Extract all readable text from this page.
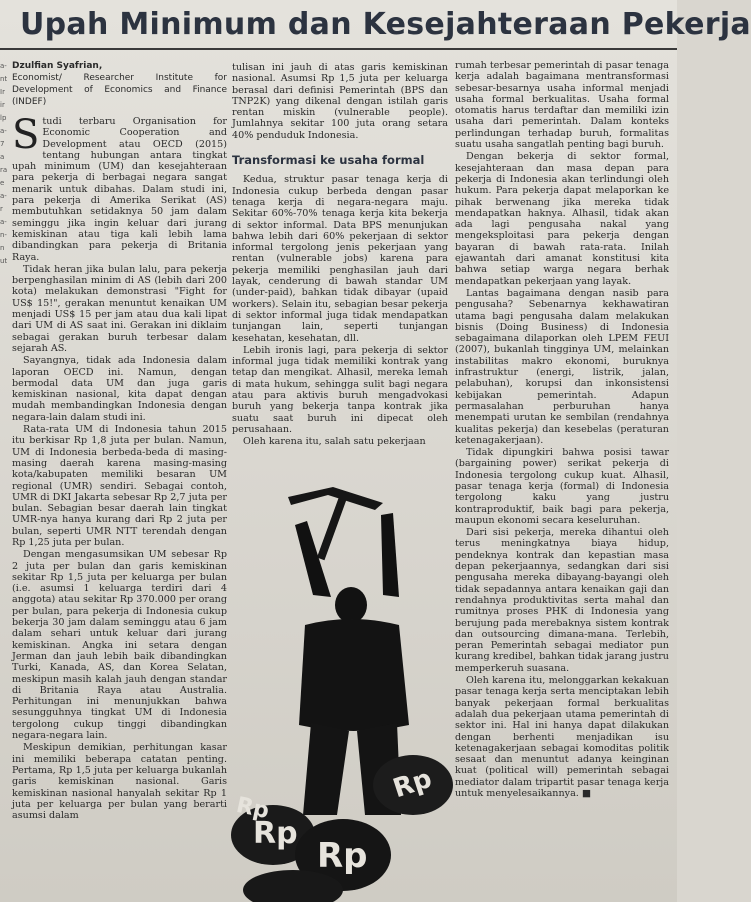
Upah Minimum dan Kesejahteraan Pekerja
a- nt Ir ir lp a- 7 a ra e a- r a- n- n ut
Dzulfian Syafrian,
Economist/ Researcher Institute for Development of Economics and Finance (INDEF)

Studi terbaru Organisation for Economic Cooperation and Development atau OECD (2015) tentang hubungan antara tingkat upah minimum (UM) dan kesejahteraan para pekerja di berbagai negara sangat menarik untuk dibahas. Dalam studi ini, para pekerja di Amerika Serikat (AS) membutuhkan setidaknya 50 jam dalam seminggu jika ingin keluar dari jurang kemiskinan atau tiga kali lebih lama dibandingkan para pekerja di Britania Raya.

Tidak heran jika bulan lalu, para pekerja berpenghasilan minim di AS (lebih dari 200 kota) melakukan demonstrasi "Fight for US$ 15!", gerakan menuntut kenaikan UM menjadi US$ 15 per jam atau dua kali lipat dari UM di AS saat ini. Gerakan ini diklaim sebagai gerakan buruh terbesar dalam sejarah AS.

Sayangnya, tidak ada Indonesia dalam laporan OECD ini. Namun, dengan bermodal data UM dan juga garis kemiskinan nasional, kita dapat dengan mudah membandingkan Indonesia dengan negara-lain dalam studi ini.

Rata-rata UM di Indonesia tahun 2015 itu berkisar Rp 1,8 juta per bulan. Namun, UM di Indonesia berbeda-beda di masing-masing daerah karena masing-masing kota/kabupaten memiliki besaran UM regional (UMR) sendiri. Sebagai contoh, UMR di DKI Jakarta sebesar Rp 2,7 juta per bulan. Sebagian besar daerah lain tingkat UMR-nya hanya kurang dari Rp 2 juta per bulan, seperti UMR NTT terendah dengan Rp 1,25 juta per bulan.

Dengan mengasumsikan UM sebesar Rp 2 juta per bulan dan garis kemiskinan sekitar Rp 1,5 juta per keluarga per bulan (i.e. asumsi 1 keluarga terdiri dari 4 anggota) atau sekitar Rp 370.000 per orang per bulan, para pekerja di Indonesia cukup bekerja 30 jam dalam seminggu atau 6 jam dalam sehari untuk keluar dari jurang kemiskinan. Angka ini setara dengan Jerman dan jauh lebih baik dibandingkan Turki, Kanada, AS, dan Korea Selatan, meskipun masih kalah jauh dengan standar di Britania Raya atau Australia. Perhitungan ini menunjukkan bahwa sesungguhnya tingkat UM di Indonesia tergolong cukup tinggi dibandingkan negara-negara lain.

Meskipun demikian, perhitungan kasar ini memiliki beberapa catatan penting. Pertama, Rp 1,5 juta per keluarga bukanlah garis kemiskinan nasional. Garis kemiskinan nasional hanyalah sekitar Rp 1 juta per keluarga per bulan yang berarti asumsi dalam

tulisan ini jauh di atas garis kemiskinan nasional. Asumsi Rp 1,5 juta per keluarga berasal dari definisi Pemerintah (BPS dan TNP2K) yang dikenal dengan istilah garis rentan miskin (vulnerable people). Jumlahnya sekitar 100 juta orang setara 40% penduduk Indonesia.

Transformasi ke usaha formal

Kedua, struktur pasar tenaga kerja di Indonesia cukup berbeda dengan pasar tenaga kerja di negara-negara maju. Sekitar 60%-70% tenaga kerja kita bekerja di sektor informal. Data BPS menunjukan bahwa lebih dari 60% pekerjaan di sektor informal tergolong jenis pekerjaan yang rentan (vulnerable jobs) karena para pekerja memiliki penghasilan jauh dari layak, cenderung di bawah standar UM (under-paid), bahkan tidak dibayar (upaid workers). Selain itu, sebagian besar pekerja di sektor informal juga tidak mendapatkan tunjangan lain, seperti tunjangan kesehatan, kesehatan, dll.

Lebih ironis lagi, para pekerja di sektor informal juga tidak memiliki kontrak yang tetap dan mengikat. Alhasil, mereka lemah di mata hukum, sehingga sulit bagi negara atau para aktivis buruh mengadvokasi buruh yang bekerja tanpa kontrak jika suatu saat buruh ini dipecat oleh perusahaan.

Oleh karena itu, salah satu pekerjaan

Rp
Rp
Rp
Rp

rumah terbesar pemerintah di pasar tenaga kerja adalah bagaimana mentransformasi sebesar-besarnya usaha informal menjadi usaha formal berkualitas. Usaha formal otomatis harus terdaftar dan memiliki izin usaha dari pemerintah. Dalam konteks perlindungan terhadap buruh, formalitas suatu usaha sangatlah penting bagi buruh.

Dengan bekerja di sektor formal, kesejahteraan dan masa depan para pekerja di Indonesia akan terlindungi oleh hukum. Para pekerja dapat melaporkan ke pihak berwenang jika mereka tidak mendapatkan haknya. Alhasil, tidak akan ada lagi pengusaha nakal yang mengeksploitasi para pekerja dengan bayaran di bawah rata-rata. Inilah ejawantah dari amanat konstitusi kita bahwa setiap warga negara berhak mendapatkan pekerjaan yang layak.

Lantas bagaimana dengan nasib para pengusaha? Sebenarnya kekhawatiran utama bagi pengusaha dalam melakukan bisnis (Doing Business) di Indonesia sebagaimana dilaporkan oleh LPEM FEUI (2007), bukanlah tingginya UM, melainkan instabilitas makro ekonomi, buruknya infrastruktur (energi, listrik, jalan, pelabuhan), korupsi dan inkonsistensi kebijakan pemerintah. Adapun permasalahan perburuhan hanya menempati urutan ke sembilan (rendahnya kualitas pekerja) dan kesebelas (peraturan ketenagakerjaan).

Tidak dipungkiri bahwa posisi tawar (bargaining power) serikat pekerja di Indonesia tergolong cukup kuat. Alhasil, pasar tenaga kerja (formal) di Indonesia tergolong kaku yang justru kontraproduktif, baik bagi para pekerja, maupun ekonomi secara keseluruhan.

Dari sisi pekerja, mereka dihantui oleh terus meningkatnya biaya hidup, pendeknya kontrak dan kepastian masa depan pekerjaannya, sedangkan dari sisi pengusaha mereka dibayang-bayangi oleh tidak sepadannya antara kenaikan gaji dan rendahnya produktivitas serta mahal dan rumitnya proses PHK di Indonesia yang berujung pada merebaknya sistem kontrak dan outsourcing dimana-mana. Terlebih, peran Pemerintah sebagai mediator pun kurang kredibel, bahkan tidak jarang justru memperkeruh suasana.

Oleh karena itu, melonggarkan kekakuan pasar tenaga kerja serta menciptakan lebih banyak pekerjaan formal berkualitas adalah dua pekerjaan utama pemerintah di sektor ini. Hal ini hanya dapat dilakukan dengan berhenti menjadikan isu ketenagakerjaan sebagai komoditas politik sesaat dan menuntut adanya keinginan kuat (political will) pemerintah sebagai mediator dalam tripartit pasar tenaga kerja untuk menyelesaikannya. ■
